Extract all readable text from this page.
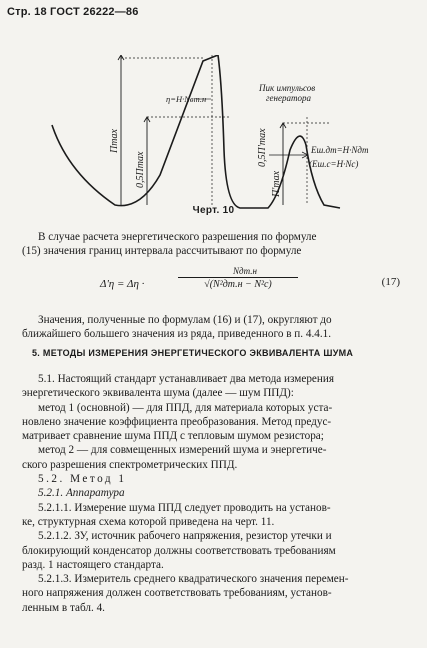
Стр. 18 ГОСТ 26222—86
Пmax
0,5Пmax
η=Н·Nвт.н
П'max
0,5П'max
Пик импульсов
генератора
Еш.дт=Н·Nдт
(Еш.с=Н·Nс)
Черт. 10
В случае расчета энергетического разрешения по формуле
(15) значения границ интервала рассчитывают по формуле
Δ'η = Δη ·
Nдт.н
√(N²дт.н − N²с)	(17)
Значения, полученные по формулам (16) и (17), округляют до
ближайшего большего значения из ряда, приведенного в п. 4.4.1.
5. МЕТОДЫ ИЗМЕРЕНИЯ ЭНЕРГЕТИЧЕСКОГО ЭКВИВАЛЕНТА ШУМА
5.1. Настоящий стандарт устанавливает два метода измерения
энергетического эквивалента шума (далее — шум ППД):
метод 1 (основной) — для ППД, для материала которых уста-
новлено значение коэффициента преобразования. Метод предус-
матривает сравнение шума ППД с тепловым шумом резистора;
метод 2 — для совмещенных измерений шума и энергетиче-
ского разрешения спектрометрических ППД.
5.2. Метод 1
5.2.1. Аппаратура
5.2.1.1. Измерение шума ППД следует проводить на установ-
ке, структурная схема которой приведена на черт. 11.
5.2.1.2. ЗУ, источник рабочего напряжения, резистор утечки и
блокирующий конденсатор должны соответствовать требованиям
разд. 1 настоящего стандарта.
5.2.1.3. Измеритель среднего квадратического значения перемен-
ного напряжения должен соответствовать требованиям, установ-
ленным в табл. 4.
